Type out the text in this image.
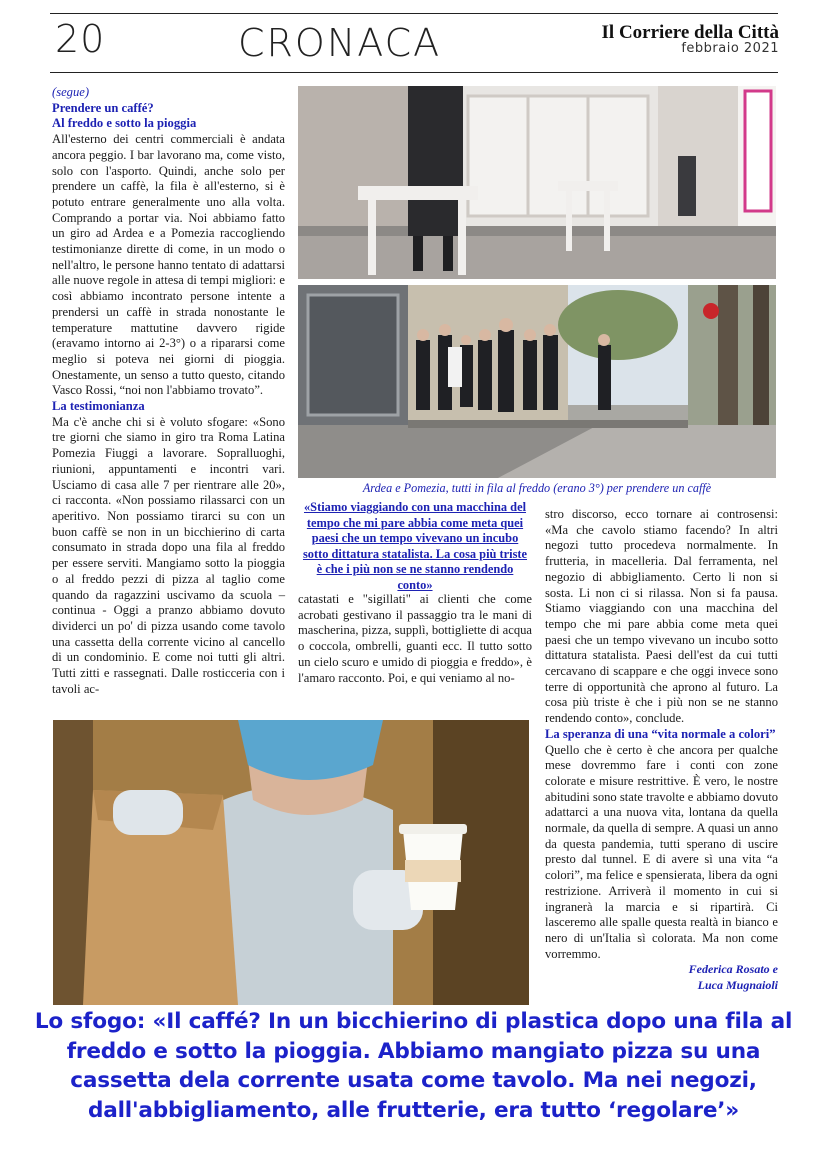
20	CRONACA	Il Corriere della Città
febbraio 2021

(segue)

Prendere un caffé?

Al freddo e sotto la pioggia

All'esterno dei centri commerciali è andata ancora peggio. I bar lavorano ma, come visto, solo con l'asporto. Quindi, anche solo per prendere un caffè, la fila è all'esterno, si è potuto entrare generalmente uno alla volta. Comprando a portar via. Noi abbiamo fatto un giro ad Ardea e a Pomezia raccogliendo testimonianze dirette di come, in un modo o nell'altro, le persone hanno tentato di adattarsi alle nuove regole in attesa di tempi migliori: e così abbiamo incontrato persone intente a prendersi un caffè in strada nonostante le temperature mattutine davvero rigide (eravamo intorno ai 2-3°) o a ripararsi come meglio si poteva nei giorni di pioggia. Onestamente, un senso a tutto questo, citando Vasco Rossi, “noi non l'abbiamo trovato”.

La testimonianza

Ma c'è anche chi si è voluto sfogare: «Sono tre giorni che siamo in giro tra Roma Latina Pomezia Fiuggi a lavorare. Sopralluoghi, riunioni, appuntamenti e incontri vari. Usciamo di casa alle 7 per rientrare alle 20», ci racconta. «Non possiamo rilassarci con un aperitivo. Non possiamo tirarci su con un buon caffè se non in un bicchierino di carta consumato in strada dopo una fila al freddo per essere serviti. Mangiamo sotto la pioggia o al freddo pezzi di pizza al taglio come quando da ragazzini uscivamo da scuola – continua - Oggi a pranzo abbiamo dovuto dividerci un po' di pizza usando come tavolo una cassetta della corrente vicino al cancello di un condominio. E come noi tutti gli altri. Tutti zitti e rassegnati. Dalle rosticceria con i tavoli ac-

Ardea e Pomezia, tutti in fila al freddo (erano 3°) per prendere un caffè
«Stiamo viaggiando con una macchina del tempo che mi pare abbia come meta quei paesi che un tempo vivevano un incubo sotto dittatura statalista. La cosa più triste è che i più non se ne stanno rendendo conto»

catastati e "sigillati" ai clienti che come acrobati gestivano il passaggio tra le mani di mascherina, pizza, supplì, bottigliette di acqua o coccola, ombrelli, guanti ecc. Il tutto sotto un cielo scuro e umido di pioggia e freddo», è l'amaro racconto. Poi, e qui veniamo al no-

stro discorso, ecco tornare ai controsensi: «Ma che cavolo stiamo facendo? In altri negozi tutto procedeva normalmente. In frutteria, in macelleria. Dal ferramenta, nel negozio di abbigliamento. Certo li non si sosta. Li non ci si rilassa. Non si fa pausa. Stiamo viaggiando con una macchina del tempo che mi pare abbia come meta quei paesi che un tempo vivevano un incubo sotto dittatura statalista. Paesi dell'est da cui tutti cercavano di scappare e che oggi invece sono terre di opportunità che aprono al futuro. La cosa più triste è che i più non se ne stanno rendendo conto», conclude.

La speranza di una “vita normale a colori”

Quello che è certo è che ancora per qualche mese dovremmo fare i conti con zone colorate e misure restrittive. È vero, le nostre abitudini sono state travolte e abbiamo dovuto adattarci a una nuova vita, lontana da quella normale, da quella di sempre. A quasi un anno da questa pandemia, tutti sperano di uscire presto dal tunnel. E di avere sì una vita “a colori”, ma felice e spensierata, libera da ogni restrizione. Arriverà il momento in cui si ingranerà la marcia e si ripartirà. Ci lasceremo alle spalle questa realtà in bianco e nero di un'Italia sì colorata. Ma non come vorremmo.

Federica Rosato e
Luca Mugnaioli
Lo sfogo: «Il caffé? In un bicchierino di plastica dopo una fila al freddo e sotto la pioggia. Abbiamo mangiato pizza su una cassetta dela corrente usata come tavolo. Ma nei negozi, dall'abbigliamento, alle frutterie, era tutto ‘regolare’»
